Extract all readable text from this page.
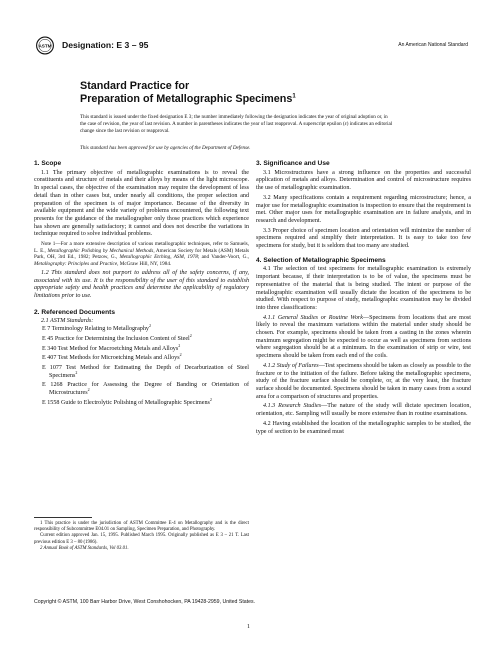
ASTM Designation: E 3 – 95	An American National Standard
Standard Practice for
Preparation of Metallographic Specimens$^1$
This standard is issued under the fixed designation E 3; the number immediately following the designation indicates the year of original adoption or, in the case of revision, the year of last revision. A number in parentheses indicates the year of last reapproval. A superscript epsilon (ε) indicates an editorial change since the last revision or reapproval.
This standard has been approved for use by agencies of the Department of Defense.

1. Scope

1.1 The primary objective of metallographic examinations is to reveal the constituents and structure of metals and their alloys by means of the light microscope. In special cases, the objective of the examination may require the development of less detail than in other cases but, under nearly all conditions, the proper selection and preparation of the specimen is of major importance. Because of the diversity in available equipment and the wide variety of problems encountered, the following text presents for the guidance of the metallographer only those practices which experience has shown are generally satisfactory; it cannot and does not describe the variations in technique required to solve individual problems.

Note 1—For a more extensive description of various metallographic techniques, refer to Samuels, L. E., Metallographic Polishing by Mechanical Methods, American Society for Metals (ASM) Metals Park, OH, 3rd Ed., 1982; Petzow, G., Metallographic Etching, ASM, 1978; and Vander-Voort, G., Metallography: Principles and Practice, McGraw Hill, NY, 1984.

1.2 This standard does not purport to address all of the safety concerns, if any, associated with its use. It is the responsibility of the user of this standard to establish appropriate safety and health practices and determine the applicability of regulatory limitations prior to use.

2. Referenced Documents

2.1 ASTM Standards:

E 7 Terminology Relating to Metallography$^2$

E 45 Practice for Determining the Inclusion Content of Steel$^2$

E 340 Test Method for Macroetching Metals and Alloys$^2$

E 407 Test Methods for Microetching Metals and Alloys$^2$

E 1077 Test Method for Estimating the Depth of Decarburization of Steel Specimens$^2$

E 1268 Practice for Assessing the Degree of Banding or Orientation of Microstructures$^2$

E 1558 Guide to Electrolytic Polishing of Metallographic Specimens$^2$

1 This practice is under the jurisdiction of ASTM Committee E-4 on Metallography and is the direct responsibility of Subcommittee E04.01 on Sampling, Specimen Preparation, and Photography.

Current edition approved Jan. 15, 1995. Published March 1995. Originally published as E 3 – 21 T. Last previous edition E 3 – 80 (1986).

2 Annual Book of ASTM Standards, Vol 03.01.

3. Significance and Use

3.1 Microstructures have a strong influence on the properties and successful application of metals and alloys. Determination and control of microstructure requires the use of metallographic examination.

3.2 Many specifications contain a requirement regarding microstructure; hence, a major use for metallographic examination is inspection to ensure that the requirement is met. Other major uses for metallographic examination are in failure analysis, and in research and development.

3.3 Proper choice of specimen location and orientation will minimize the number of specimens required and simplify their interpretation. It is easy to take too few specimens for study, but it is seldom that too many are studied.

4. Selection of Metallographic Specimens

4.1 The selection of test specimens for metallographic examination is extremely important because, if their interpretation is to be of value, the specimens must be representative of the material that is being studied. The intent or purpose of the metallographic examination will usually dictate the location of the specimens to be studied. With respect to purpose of study, metallographic examination may be divided into three classifications:

4.1.1 General Studies or Routine Work—Specimens from locations that are most likely to reveal the maximum variations within the material under study should be chosen. For example, specimens should be taken from a casting in the zones wherein maximum segregation might be expected to occur as well as specimens from sections where segregation should be at a minimum. In the examination of strip or wire, test specimens should be taken from each end of the coils.

4.1.2 Study of Failures—Test specimens should be taken as closely as possible to the fracture or to the initiation of the failure. Before taking the metallographic specimens, study of the fracture surface should be complete, or, at the very least, the fracture surface should be documented. Specimens should be taken in many cases from a sound area for a comparison of structures and properties.

4.1.3 Research Studies—The nature of the study will dictate specimen location, orientation, etc. Sampling will usually be more extensive than in routine examinations.

4.2 Having established the location of the metallographic samples to be studied, the type of section to be examined must

Copyright © ASTM, 100 Barr Harbor Drive, West Conshohocken, PA 19428-2959, United States.
1
